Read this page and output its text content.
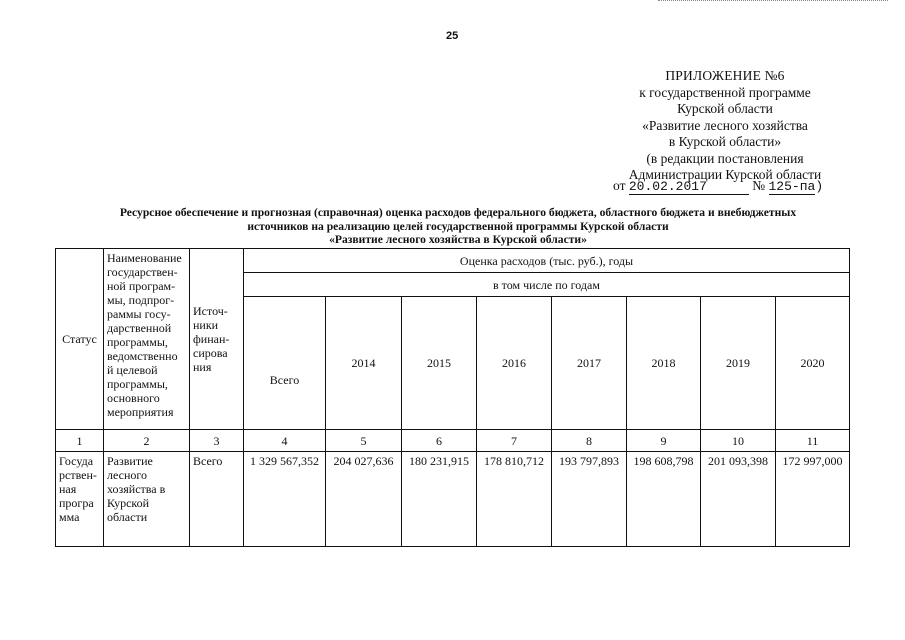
25
ПРИЛОЖЕНИЕ №6
к государственной программе
Курской области
«Развитие лесного хозяйства
в Курской области»
(в редакции постановления
Администрации Курской области
от 20.02.2017	№ 125-па)
Ресурсное обеспечение и прогнозная (справочная) оценка расходов федерального бюджета, областного бюджета и внебюджетных
источников на реализацию целей государственной программы Курской области
«Развитие лесного хозяйства в Курской области»
Статус	Наименование государствен-ной програм-мы, подпрог-раммы госу-дарственной программы, ведомственно й целевой программы, основного мероприятия	Источ-ники финан-сирова ния	Оценка расходов (тыс. руб.), годы							
			в том числе по годам							
			Всего	2014	2015	2016	2017	2018	2019	2020
1	2	3	4	5	6	7	8	9	10	11
Госуда рствен-ная програ мма	Развитие лесного хозяйства в Курской области	Всего	1 329 567,352	204 027,636	180 231,915	178 810,712	193 797,893	198 608,798	201 093,398	172 997,000
